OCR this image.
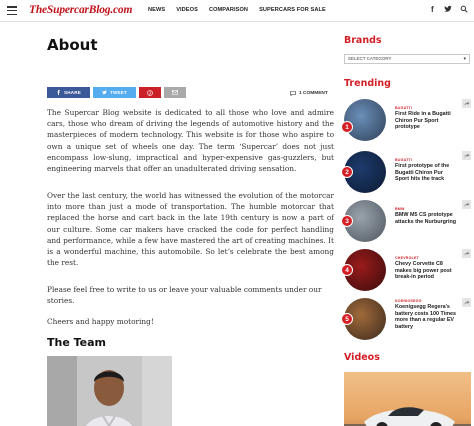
TheSupercarBlog.com	NEWS VIDEOS COMPARISON SUPERCARS FOR SALE	f
About
SHARE	TWEET	1 COMMENT

The Supercar Blog website is dedicated to all those who love and admire cars, those who dream of driving the legends of automotive history and the masterpieces of modern technology. This website is for those who aspire to own a unique set of wheels one day. The term ‘Supercar’ does not just encompass low-slung, impractical and hyper-expensive gas-guzzlers, but engineering marvels that offer an unadulterated driving sensation.

Over the last century, the world has witnessed the evolution of the motorcar into more than just a mode of transportation. The humble motorcar that replaced the horse and cart back in the late 19th century is now a part of our culture. Some car makers have cracked the code for perfect handling and performance, while a few have mastered the art of creating machines. It is a wonderful machine, this automobile. So let’s celebrate the best among the rest.

Please feel free to write to us or leave your valuable comments under our stories.

Cheers and happy motoring!

The Team
Brands
SELECT CATEGORY	▾
Trending
1
BUGATTI
First Ride in a Bugatti Chiron Pur Sport prototype
2
BUGATTI
First prototype of the Bugatti Chiron Pur Sport hits the track
3
BMW
BMW M5 CS prototype attacks the Nurburgring
4
CHEVROLET
Chevy Corvette C8 makes big power post break-in period
5
KOENIGSEGG
Koenigsegg Regera's battery costs 100 Times more than a regular EV battery
Videos
